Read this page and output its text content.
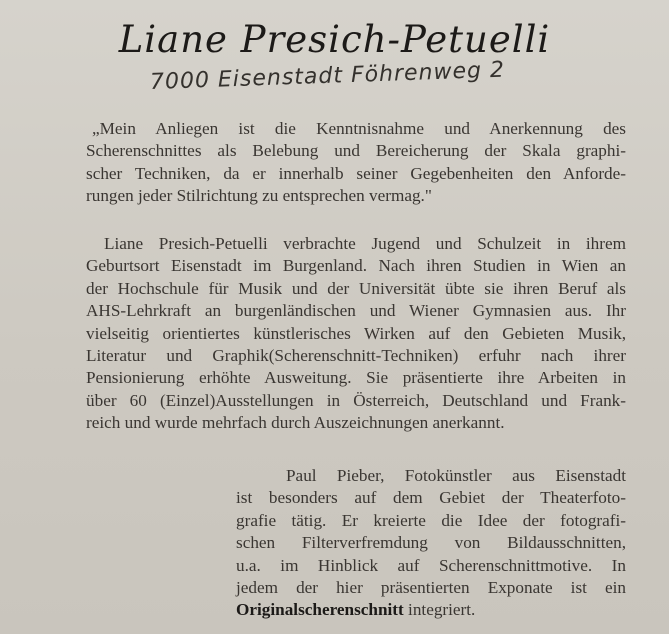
Liane Presich-Petuelli
7000 Eisenstadt Föhrenweg 2
„Mein Anliegen ist die Kenntnisnahme und Anerkennung des
Scherenschnittes als Belebung und Bereicherung der Skala graphi-
scher Techniken, da er innerhalb seiner Gegebenheiten den Anforde-
rungen jeder Stilrichtung zu entsprechen vermag."
Liane Presich-Petuelli verbrachte Jugend und Schulzeit in ihrem
Geburtsort Eisenstadt im Burgenland. Nach ihren Studien in Wien an
der Hochschule für Musik und der Universität übte sie ihren Beruf als
AHS-Lehrkraft an burgenländischen und Wiener Gymnasien aus. Ihr
vielseitig orientiertes künstlerisches Wirken auf den Gebieten Musik,
Literatur und Graphik(Scherenschnitt-Techniken) erfuhr nach ihrer
Pensionierung erhöhte Ausweitung. Sie präsentierte ihre Arbeiten in
über 60 (Einzel)Ausstellungen in Österreich, Deutschland und Frank-
reich und wurde mehrfach durch Auszeichnungen anerkannt.
Paul Pieber, Fotokünstler aus Eisenstadt
ist besonders auf dem Gebiet der Theaterfoto-
grafie tätig. Er kreierte die Idee der fotografi-
schen Filterverfremdung von Bildausschnitten,
u.a. im Hinblick auf Scherenschnittmotive. In
jedem der hier präsentierten Exponate ist ein
Originalscherenschnitt integriert.
